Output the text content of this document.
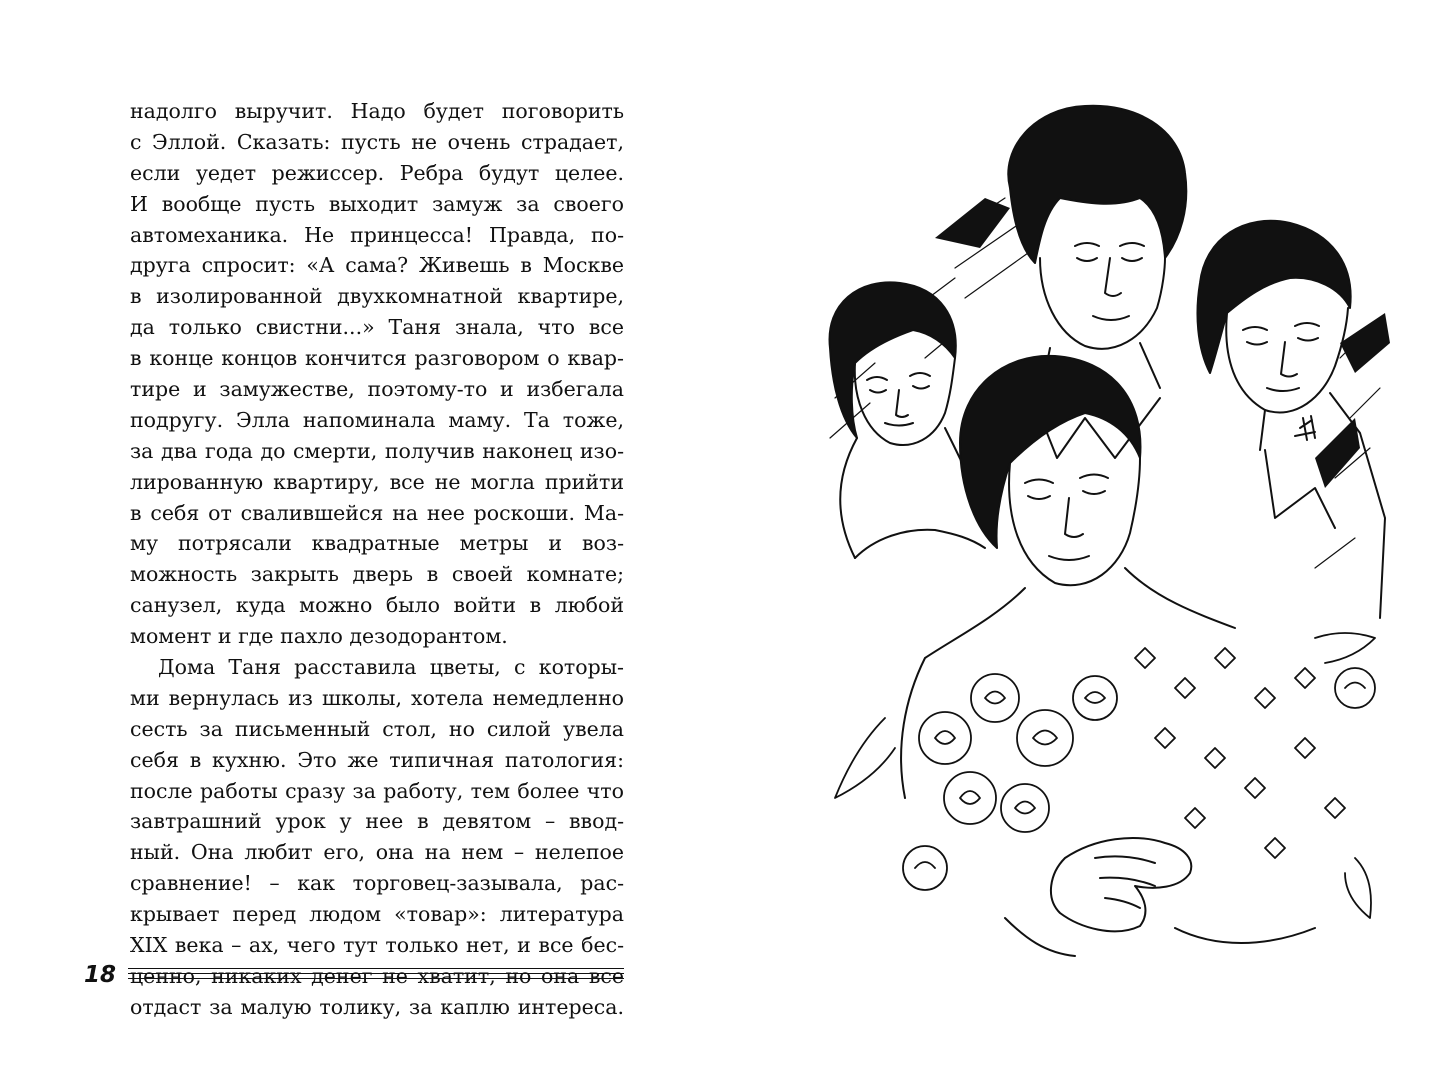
надолго выручит. Надо будет поговорить
с Эллой. Сказать: пусть не очень страдает,
если уедет режиссер. Ребра будут целее.
И вообще пусть выходит замуж за своего
автомеханика. Не принцесса! Правда, по-
друга спросит: «А сама? Живешь в Москве
в изолированной двухкомнатной квартире,
да только свистни...» Таня знала, что все
в конце концов кончится разговором о квар-
тире и замужестве, поэтому-то и избегала
подругу. Элла напоминала маму. Та тоже,
за два года до смерти, получив наконец изо-
лированную квартиру, все не могла прийти
в себя от свалившейся на нее роскоши. Ма-
му потрясали квадратные метры и воз-
можность закрыть дверь в своей комнате;
санузел, куда можно было войти в любой
момент и где пахло дезодорантом.
Дома Таня расставила цветы, с которы-
ми вернулась из школы, хотела немедленно
сесть за письменный стол, но силой увела
себя в кухню. Это же типичная патология:
после работы сразу за работу, тем более что
завтрашний урок у нее в девятом – ввод-
ный. Она любит его, она на нем – нелепое
сравнение! – как торговец-зазывала, рас-
крывает перед людом «товар»: литература
XIX века – ах, чего тут только нет, и все бес-
ценно, никаких денег не хватит, но она все
отдаст за малую толику, за каплю интереса.
18
